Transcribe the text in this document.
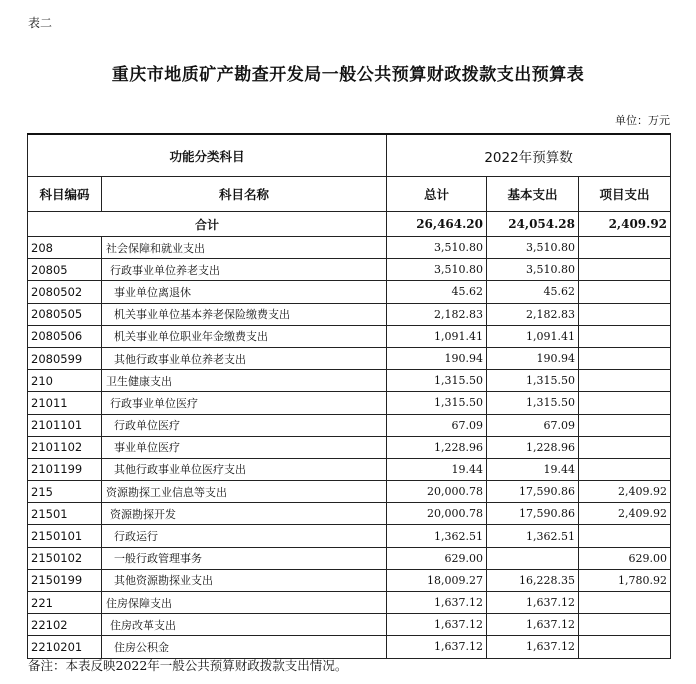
表二
重庆市地质矿产勘查开发局一般公共预算财政拨款支出预算表
单位：万元
功能分类科目		2022年预算数		
科目编码	科目名称	总计	基本支出	项目支出
合计		26,464.20	24,054.28	2,409.92
208	社会保障和就业支出	3,510.80	3,510.80	
20805	行政事业单位养老支出	3,510.80	3,510.80	
2080502	事业单位离退休	45.62	45.62	
2080505	机关事业单位基本养老保险缴费支出	2,182.83	2,182.83	
2080506	机关事业单位职业年金缴费支出	1,091.41	1,091.41	
2080599	其他行政事业单位养老支出	190.94	190.94	
210	卫生健康支出	1,315.50	1,315.50	
21011	行政事业单位医疗	1,315.50	1,315.50	
2101101	行政单位医疗	67.09	67.09	
2101102	事业单位医疗	1,228.96	1,228.96	
2101199	其他行政事业单位医疗支出	19.44	19.44	
215	资源勘探工业信息等支出	20,000.78	17,590.86	2,409.92
21501	资源勘探开发	20,000.78	17,590.86	2,409.92
2150101	行政运行	1,362.51	1,362.51	
2150102	一般行政管理事务	629.00		629.00
2150199	其他资源勘探业支出	18,009.27	16,228.35	1,780.92
221	住房保障支出	1,637.12	1,637.12	
22102	住房改革支出	1,637.12	1,637.12	
2210201	住房公积金	1,637.12	1,637.12	
备注：本表反映2022年一般公共预算财政拨款支出情况。
